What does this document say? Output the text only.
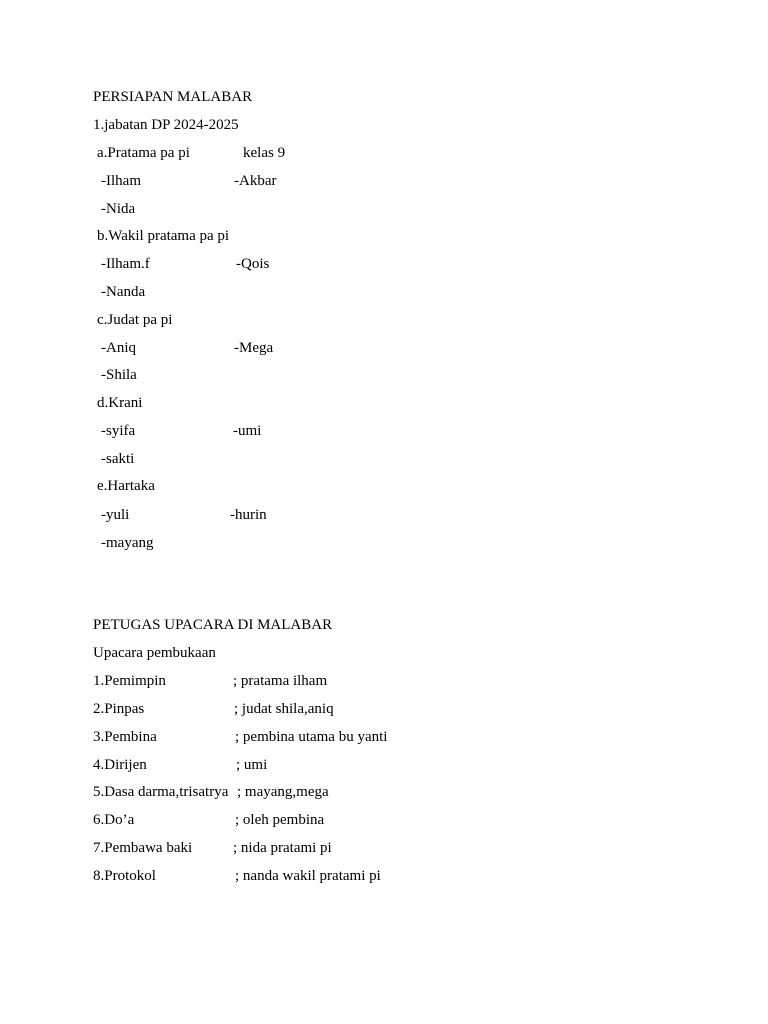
PERSIAPAN MALABAR
1.jabatan DP 2024-2025
a.Pratama pa pi	kelas 9
-Ilham	-Akbar
-Nida
b.Wakil pratama pa pi
-Ilham.f	-Qois
-Nanda
c.Judat pa pi
-Aniq	-Mega
-Shila
d.Krani
-syifa	-umi
-sakti
e.Hartaka
-yuli	-hurin
-mayang
PETUGAS UPACARA DI MALABAR
Upacara pembukaan
1.Pemimpin	; pratama ilham
2.Pinpas	; judat shila,aniq
3.Pembina	; pembina utama bu yanti
4.Dirijen	; umi
5.Dasa darma,trisatrya ; mayang,mega
6.Do’a	; oleh pembina
7.Pembawa baki	; nida pratami pi
8.Protokol	; nanda wakil pratami pi
